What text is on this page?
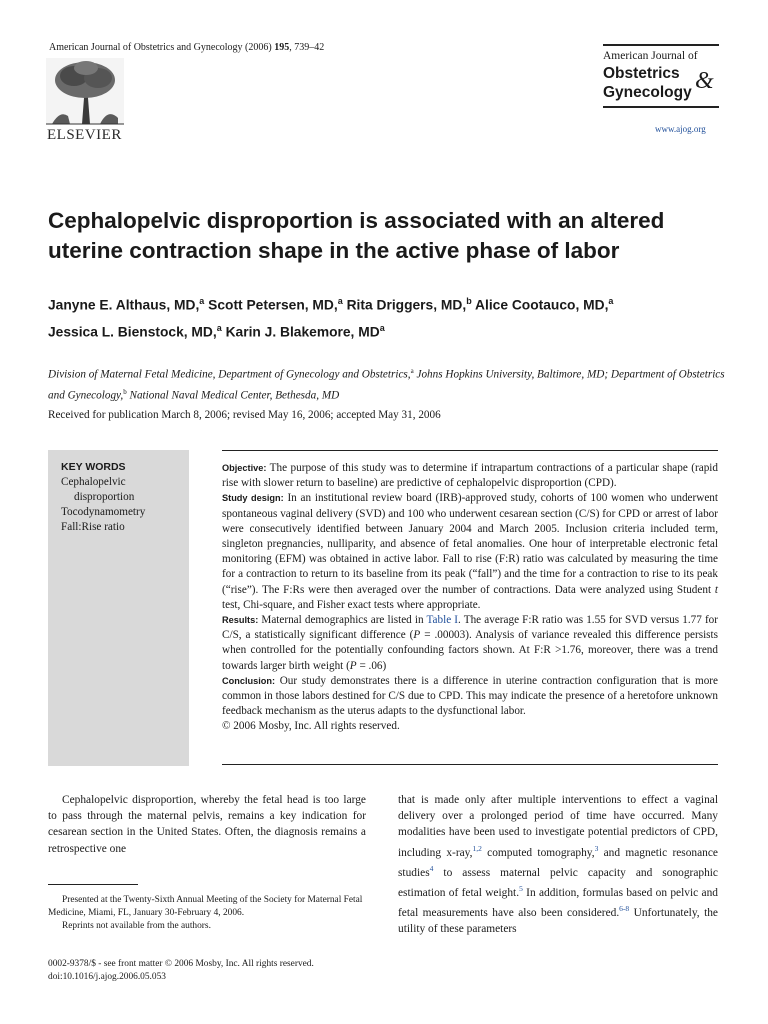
American Journal of Obstetrics and Gynecology (2006) 195, 739–42
ELSEVIER
American Journal of
Obstetrics &
Gynecology
www.ajog.org
Cephalopelvic disproportion is associated with an altered uterine contraction shape in the active phase of labor
Janyne E. Althaus, MD,$^a$ Scott Petersen, MD,$^a$ Rita Driggers, MD,$^b$ Alice Cootauco, MD,$^a$
Jessica L. Bienstock, MD,$^a$ Karin J. Blakemore, $MD^a$
Division of Maternal Fetal Medicine, Department of Gynecology and Obstetrics,$^a$ Johns Hopkins University, Baltimore, MD; Department of Obstetrics and Gynecology,$^b$ National Naval Medical Center, Bethesda, MD
Received for publication March 8, 2006; revised May 16, 2006; accepted May 31, 2006
KEY WORDS
Cephalopelvic
disproportion
Tocodynamometry
Fall:Rise ratio

Objective: The purpose of this study was to determine if intrapartum contractions of a particular shape (rapid rise with slower return to baseline) are predictive of cephalopelvic disproportion (CPD).

Study design: In an institutional review board (IRB)-approved study, cohorts of 100 women who underwent spontaneous vaginal delivery (SVD) and 100 who underwent cesarean section (C/S) for CPD or arrest of labor were consecutively identified between January 2004 and March 2005. Inclusion criteria included term, singleton pregnancies, nulliparity, and absence of fetal anomalies. One hour of interpretable electronic fetal monitoring (EFM) was obtained in active labor. Fall to rise (F:R) ratio was calculated by measuring the time for a contraction to return to its baseline from its peak (“fall”) and the time for a contraction to rise to its peak (“rise”). The F:Rs were then averaged over the number of contractions. Data were analyzed using Student t test, Chi-square, and Fisher exact tests where appropriate.

Results: Maternal demographics are listed in Table I. The average F:R ratio was 1.55 for SVD versus 1.77 for C/S, a statistically significant difference (P = .00003). Analysis of variance revealed this difference persists when controlled for the potentially confounding factors shown. At F:R >1.76, moreover, there was a trend towards larger birth weight (P = .06)

Conclusion: Our study demonstrates there is a difference in uterine contraction configuration that is more common in those labors destined for C/S due to CPD. This may indicate the presence of a heretofore unknown feedback mechanism as the uterus adapts to the dysfunctional labor.

© 2006 Mosby, Inc. All rights reserved.

Cephalopelvic disproportion, whereby the fetal head is too large to pass through the maternal pelvis, remains a key indication for cesarean section in the United States. Often, the diagnosis remains a retrospective one

Presented at the Twenty-Sixth Annual Meeting of the Society for Maternal Fetal Medicine, Miami, FL, January 30-February 4, 2006.

Reprints not available from the authors.

0002-9378/$ - see front matter © 2006 Mosby, Inc. All rights reserved.
doi:10.1016/j.ajog.2006.05.053

that is made only after multiple interventions to effect a vaginal delivery over a prolonged period of time have occurred. Many modalities have been used to investigate potential predictors of CPD, including x-ray,$^{1,2}$ computed tomography,$^3$ and magnetic resonance studies$^4$ to assess maternal pelvic capacity and sonographic estimation of fetal weight.$^5$ In addition, formulas based on pelvic and fetal measurements have also been considered.$^{6-8}$ Unfortunately, the utility of these parameters
